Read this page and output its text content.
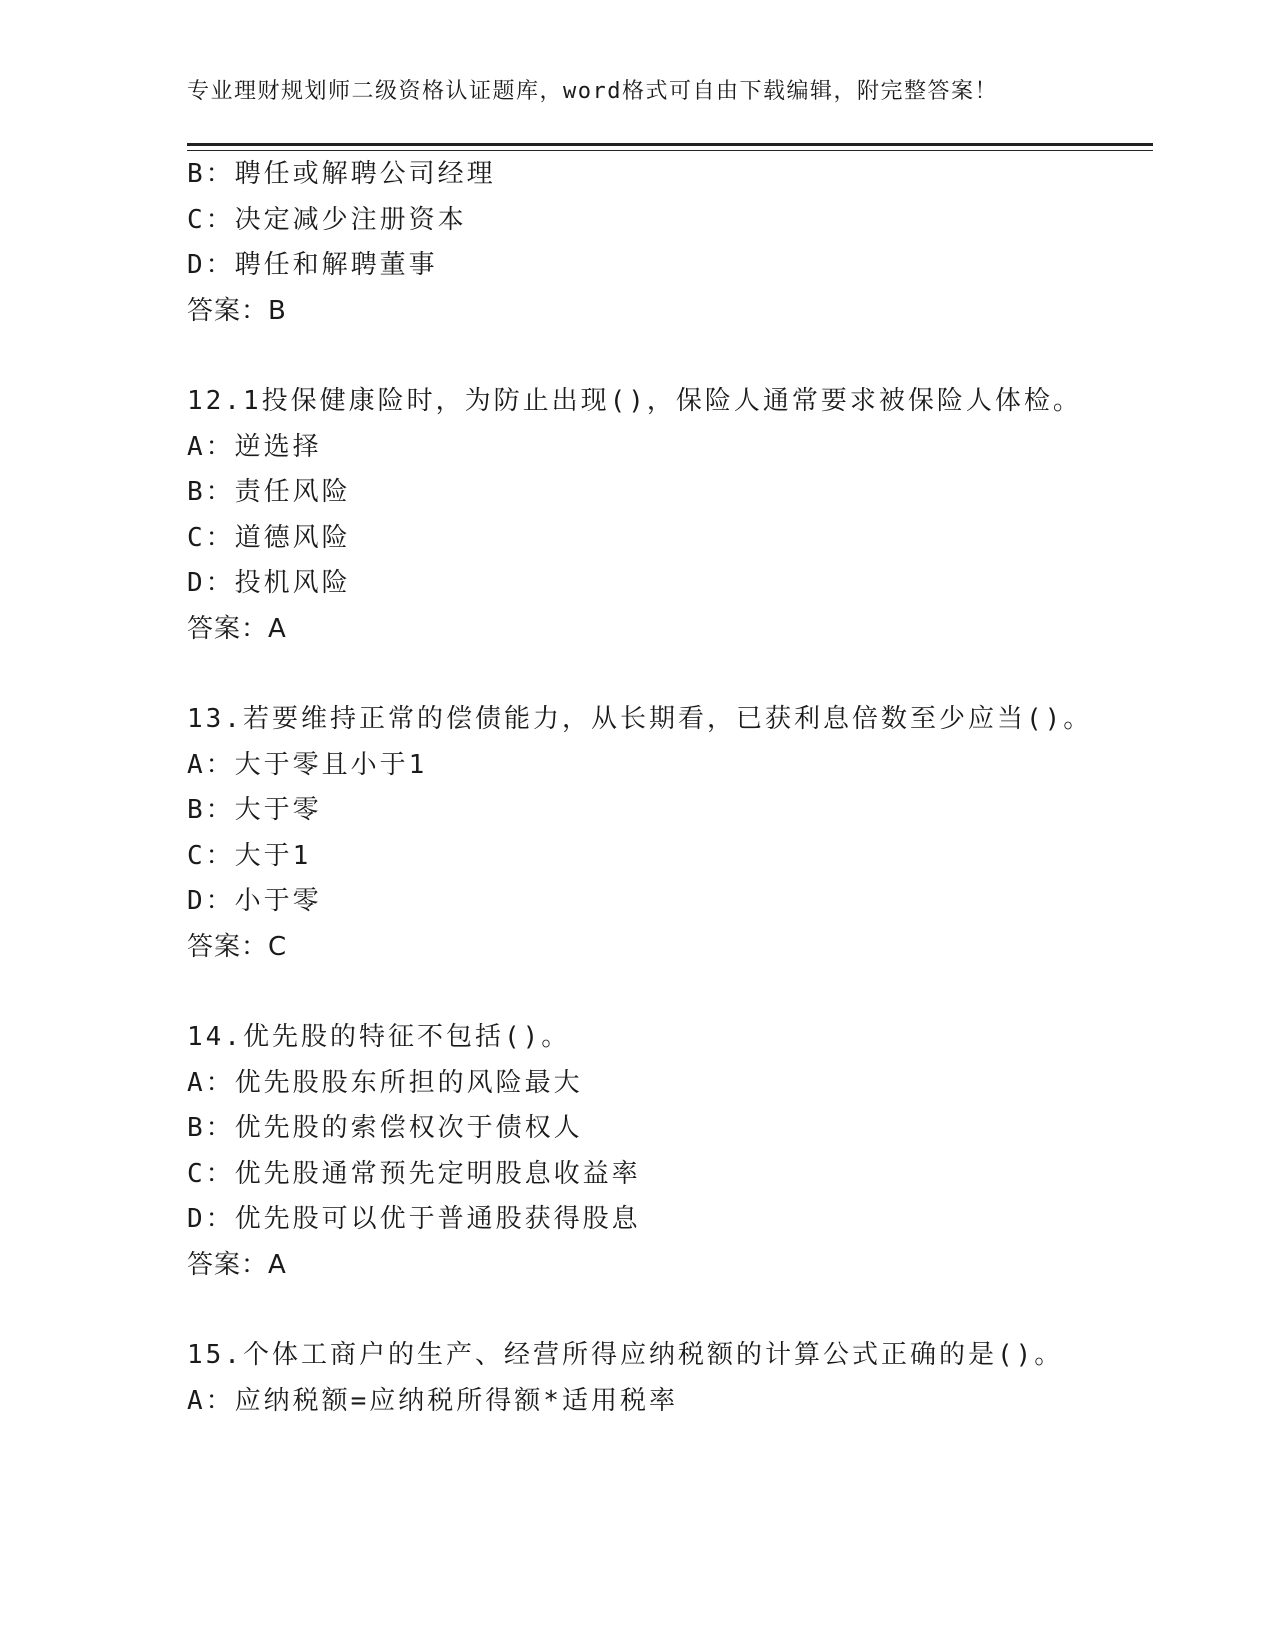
专业理财规划师二级资格认证题库，word格式可自由下载编辑，附完整答案！
B：聘任或解聘公司经理
C：决定减少注册资本
D：聘任和解聘董事
答案：B
12.1投保健康险时，为防止出现()，保险人通常要求被保险人体检。
A：逆选择
B：责任风险
C：道德风险
D：投机风险
答案：A
13.若要维持正常的偿债能力，从长期看，已获利息倍数至少应当()。
A：大于零且小于1
B：大于零
C：大于1
D：小于零
答案：C
14.优先股的特征不包括()。
A：优先股股东所担的风险最大
B：优先股的索偿权次于债权人
C：优先股通常预先定明股息收益率
D：优先股可以优于普通股获得股息
答案：A
15.个体工商户的生产、经营所得应纳税额的计算公式正确的是()。
A：应纳税额=应纳税所得额*适用税率
